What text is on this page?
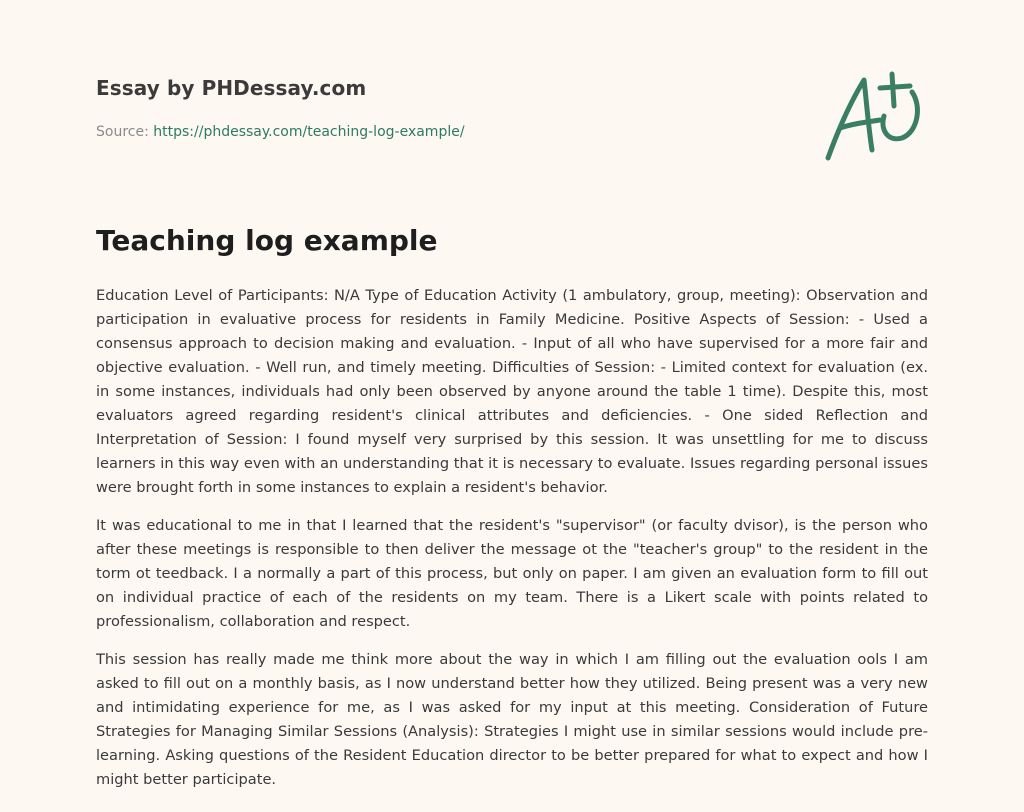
Essay by PHDessay.com
Source: https://phdessay.com/teaching-log-example/
Teaching log example

Education Level of Participants: N/A Type of Education Activity (1 ambulatory, group, meeting): Observation and participation in evaluative process for residents in Family Medicine. Positive Aspects of Session: - Used a consensus approach to decision making and evaluation. - Input of all who have supervised for a more fair and objective evaluation. - Well run, and timely meeting. Difficulties of Session: - Limited context for evaluation (ex. in some instances, individuals had only been observed by anyone around the table 1 time). Despite this, most evaluators agreed regarding resident's clinical attributes and deficiencies. - One sided Reflection and Interpretation of Session: I found myself very surprised by this session. It was unsettling for me to discuss learners in this way even with an understanding that it is necessary to evaluate. Issues regarding personal issues were brought forth in some instances to explain a resident's behavior.

It was educational to me in that I learned that the resident's "supervisor" (or faculty dvisor), is the person who after these meetings is responsible to then deliver the message ot the "teacher's group" to the resident in the torm ot teedback. I a normally a part of this process, but only on paper. I am given an evaluation form to fill out on individual practice of each of the residents on my team. There is a Likert scale with points related to professionalism, collaboration and respect.

This session has really made me think more about the way in which I am filling out the evaluation ools I am asked to fill out on a monthly basis, as I now understand better how they utilized. Being present was a very new and intimidating experience for me, as I was asked for my input at this meeting. Consideration of Future Strategies for Managing Similar Sessions (Analysis): Strategies I might use in similar sessions would include pre-learning. Asking questions of the Resident Education director to be better prepared for what to expect and how I might better participate.
